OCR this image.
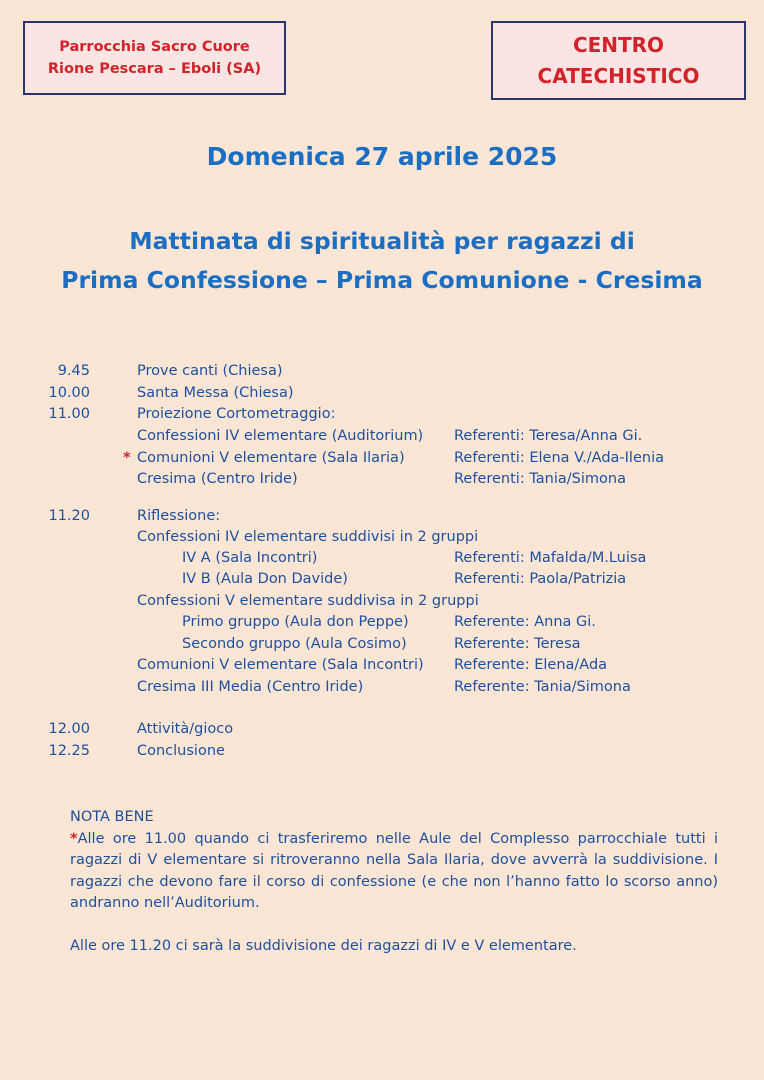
Parrocchia Sacro Cuore
Rione Pescara – Eboli (SA)
CENTRO
CATECHISTICO
Domenica 27 aprile 2025
Mattinata di spiritualità per ragazzi di
Prima Confessione – Prima Comunione - Cresima
9.45	Prove canti (Chiesa)
10.00	Santa Messa (Chiesa)
11.00	Proiezione Cortometraggio:
Confessioni IV elementare (Auditorium) Referenti: Teresa/Anna Gi.
* Comunioni V elementare (Sala Ilaria)	Referenti: Elena V./Ada-Ilenia
Cresima (Centro Iride)	Referenti: Tania/Simona
11.20	Riflessione:
Confessioni IV elementare suddivisi in 2 gruppi
IV A (Sala Incontri)	Referenti: Mafalda/M.Luisa
IV B (Aula Don Davide)	Referenti: Paola/Patrizia
Confessioni V elementare suddivisa in 2 gruppi
Primo gruppo (Aula don Peppe)	Referente: Anna Gi.
Secondo gruppo (Aula Cosimo)	Referente: Teresa
Comunioni V elementare (Sala Incontri) Referente: Elena/Ada
Cresima III Media (Centro Iride)	Referente: Tania/Simona
12.00	Attività/gioco
12.25	Conclusione

NOTA BENE

*Alle ore 11.00 quando ci trasferiremo nelle Aule del Complesso parrocchiale tutti i ragazzi di V elementare si ritroveranno nella Sala Ilaria, dove avverrà la suddivisione. I ragazzi che devono fare il corso di confessione (e che non l’hanno fatto lo scorso anno) andranno nell’Auditorium.

Alle ore 11.20 ci sarà la suddivisione dei ragazzi di IV e V elementare.
